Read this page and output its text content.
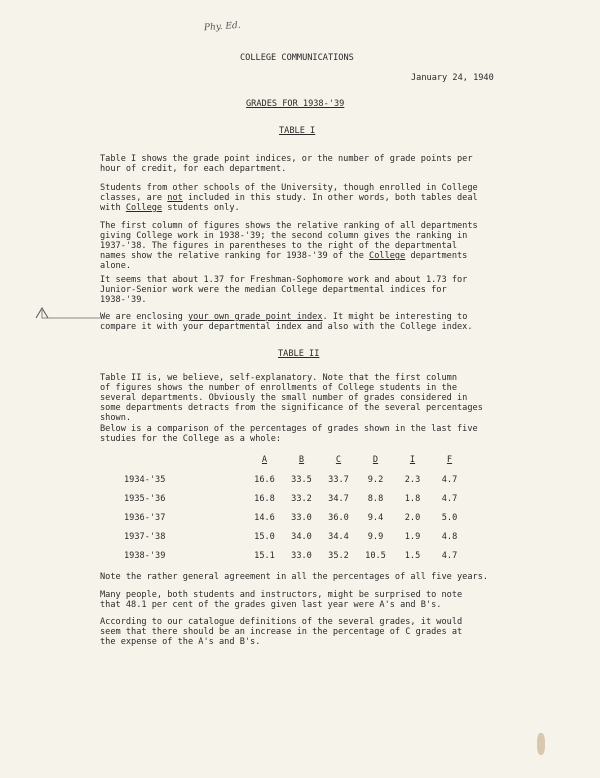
Phy. Ed.
COLLEGE COMMUNICATIONS
January 24, 1940
GRADES FOR 1938-'39
TABLE I
Table I shows the grade point indices, or the number of grade points per
hour of credit, for each department.
Students from other schools of the University, though enrolled in College
classes, are not included in this study. In other words, both tables deal
with College students only.
The first column of figures shows the relative ranking of all departments
giving College work in 1938-'39; the second column gives the ranking in
1937-'38. The figures in parentheses to the right of the departmental
names show the relative ranking for 1938-'39 of the College departments
alone.
It seems that about 1.37 for Freshman-Sophomore work and about 1.73 for
Junior-Senior work were the median College departmental indices for
1938-'39.
We are enclosing your own grade point index. It might be interesting to
compare it with your departmental index and also with the College index.
TABLE II
Table II is, we believe, self-explanatory. Note that the first column
of figures shows the number of enrollments of College students in the
several departments. Obviously the small number of grades considered in
some departments detracts from the significance of the several percentages
shown.
Below is a comparison of the percentages of grades shown in the last five
studies for the College as a whole:
	A	B	C	D	I	F
1934-'35	16.6	33.5	33.7	9.2	2.3	4.7
1935-'36	16.8	33.2	34.7	8.8	1.8	4.7
1936-'37	14.6	33.0	36.0	9.4	2.0	5.0
1937-'38	15.0	34.0	34.4	9.9	1.9	4.8
1938-'39	15.1	33.0	35.2	10.5	1.5	4.7
Note the rather general agreement in all the percentages of all five years.
Many people, both students and instructors, might be surprised to note
that 48.1 per cent of the grades given last year were A's and B's.
According to our catalogue definitions of the several grades, it would
seem that there should be an increase in the percentage of C grades at
the expense of the A's and B's.
